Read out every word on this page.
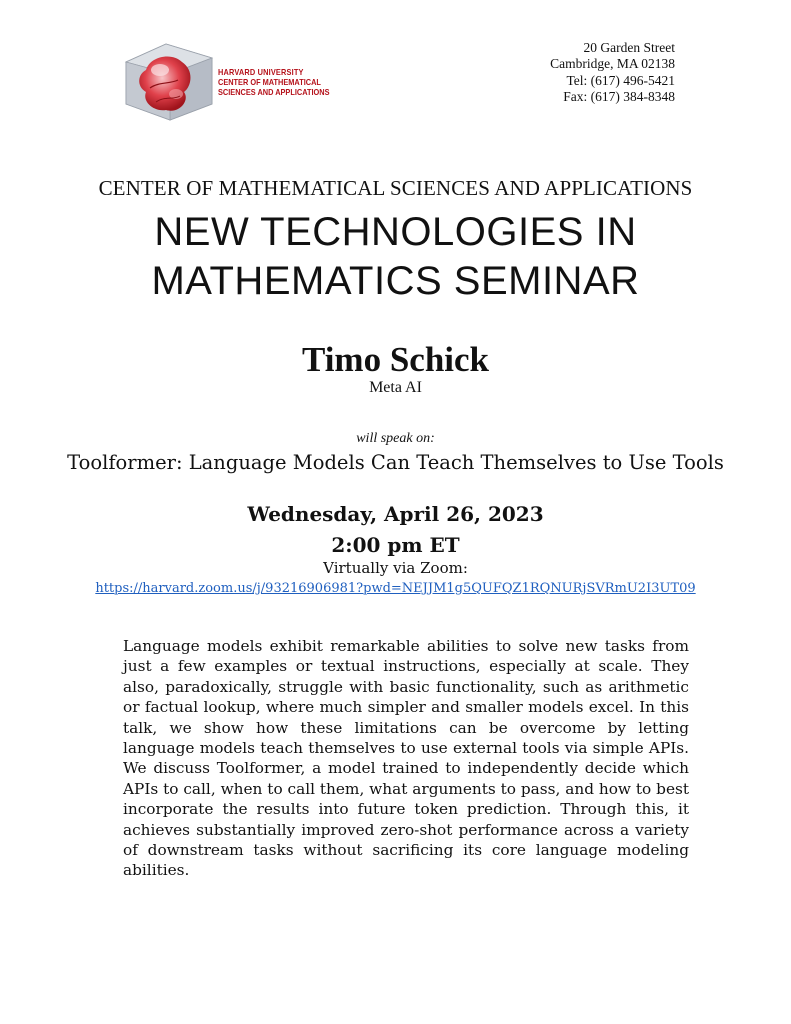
HARVARD UNIVERSITY
CENTER OF MATHEMATICAL
SCIENCES AND APPLICATIONS
20 Garden Street
Cambridge, MA 02138
Tel: (617) 496-5421
Fax: (617) 384-8348
CENTER OF MATHEMATICAL SCIENCES AND APPLICATIONS
NEW TECHNOLOGIES IN
MATHEMATICS SEMINAR
Timo Schick
Meta AI
will speak on:
Toolformer: Language Models Can Teach Themselves to Use Tools
Wednesday, April 26, 2023
2:00 pm ET
Virtually via Zoom:
https://harvard.zoom.us/j/93216906981?pwd=NEJJM1g5QUFQZ1RQNURjSVRmU2I3UT09
Language models exhibit remarkable abilities to solve new tasks from just a few examples or textual instructions, especially at scale. They also, paradoxically, struggle with basic functionality, such as arithmetic or factual lookup, where much simpler and smaller models excel. In this talk, we show how these limitations can be overcome by letting language models teach themselves to use external tools via simple APIs. We discuss Toolformer, a model trained to independently decide which APIs to call, when to call them, what arguments to pass, and how to best incorporate the results into future token prediction. Through this, it achieves substantially improved zero-shot performance across a variety of downstream tasks without sacrificing its core language modeling abilities.
